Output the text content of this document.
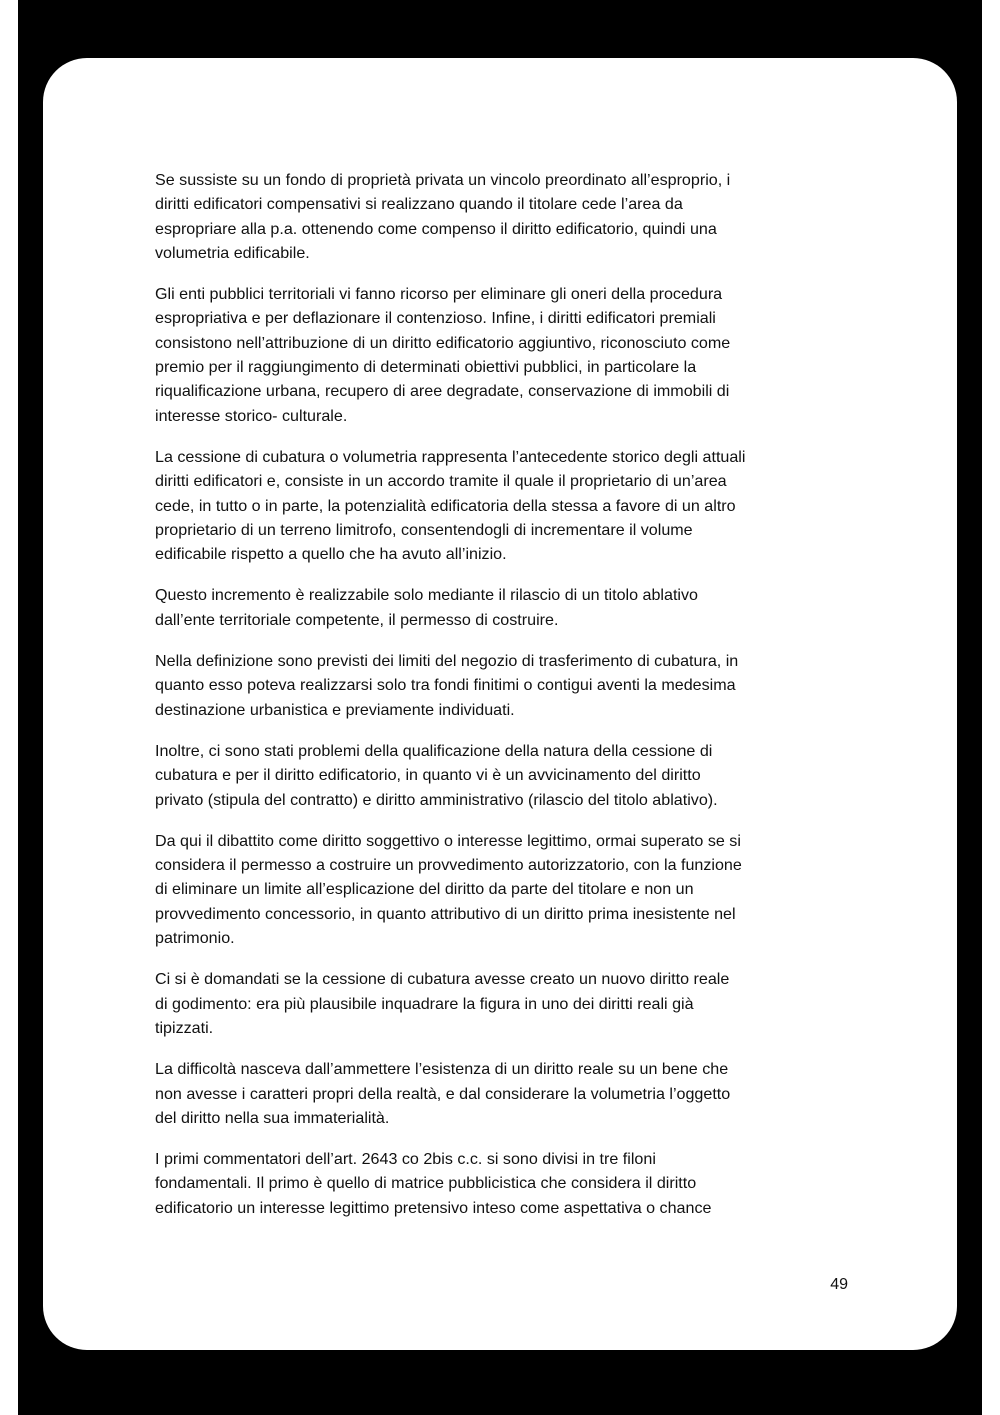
Se sussiste su un fondo di proprietà privata un vincolo preordinato all’esproprio, i
diritti edificatori compensativi si realizzano quando il titolare cede l’area da
espropriare alla p.a. ottenendo come compenso il diritto edificatorio, quindi una
volumetria edificabile.

Gli enti pubblici territoriali vi fanno ricorso per eliminare gli oneri della procedura
espropriativa e per deflazionare il contenzioso. Infine, i diritti edificatori premiali
consistono nell’attribuzione di un diritto edificatorio aggiuntivo, riconosciuto come
premio per il raggiungimento di determinati obiettivi pubblici, in particolare la
riqualificazione urbana, recupero di aree degradate, conservazione di immobili di
interesse storico- culturale.

La cessione di cubatura o volumetria rappresenta l’antecedente storico degli attuali
diritti edificatori e, consiste in un accordo tramite il quale il proprietario di un’area
cede, in tutto o in parte, la potenzialità edificatoria della stessa a favore di un altro
proprietario di un terreno limitrofo, consentendogli di incrementare il volume
edificabile rispetto a quello che ha avuto all’inizio.

Questo incremento è realizzabile solo mediante il rilascio di un titolo ablativo
dall’ente territoriale competente, il permesso di costruire.

Nella definizione sono previsti dei limiti del negozio di trasferimento di cubatura, in
quanto esso poteva realizzarsi solo tra fondi finitimi o contigui aventi la medesima
destinazione urbanistica e previamente individuati.

Inoltre, ci sono stati problemi della qualificazione della natura della cessione di
cubatura e per il diritto edificatorio, in quanto vi è un avvicinamento del diritto
privato (stipula del contratto) e diritto amministrativo (rilascio del titolo ablativo).

Da qui il dibattito come diritto soggettivo o interesse legittimo, ormai superato se si
considera il permesso a costruire un provvedimento autorizzatorio, con la funzione
di eliminare un limite all’esplicazione del diritto da parte del titolare e non un
provvedimento concessorio, in quanto attributivo di un diritto prima inesistente nel
patrimonio.

Ci si è domandati se la cessione di cubatura avesse creato un nuovo diritto reale
di godimento: era più plausibile inquadrare la figura in uno dei diritti reali già
tipizzati.

La difficoltà nasceva dall’ammettere l’esistenza di un diritto reale su un bene che
non avesse i caratteri propri della realtà, e dal considerare la volumetria l’oggetto
del diritto nella sua immaterialità.

I primi commentatori dell’art. 2643 co 2bis c.c. si sono divisi in tre filoni
fondamentali. Il primo è quello di matrice pubblicistica che considera il diritto
edificatorio un interesse legittimo pretensivo inteso come aspettativa o chance

49
